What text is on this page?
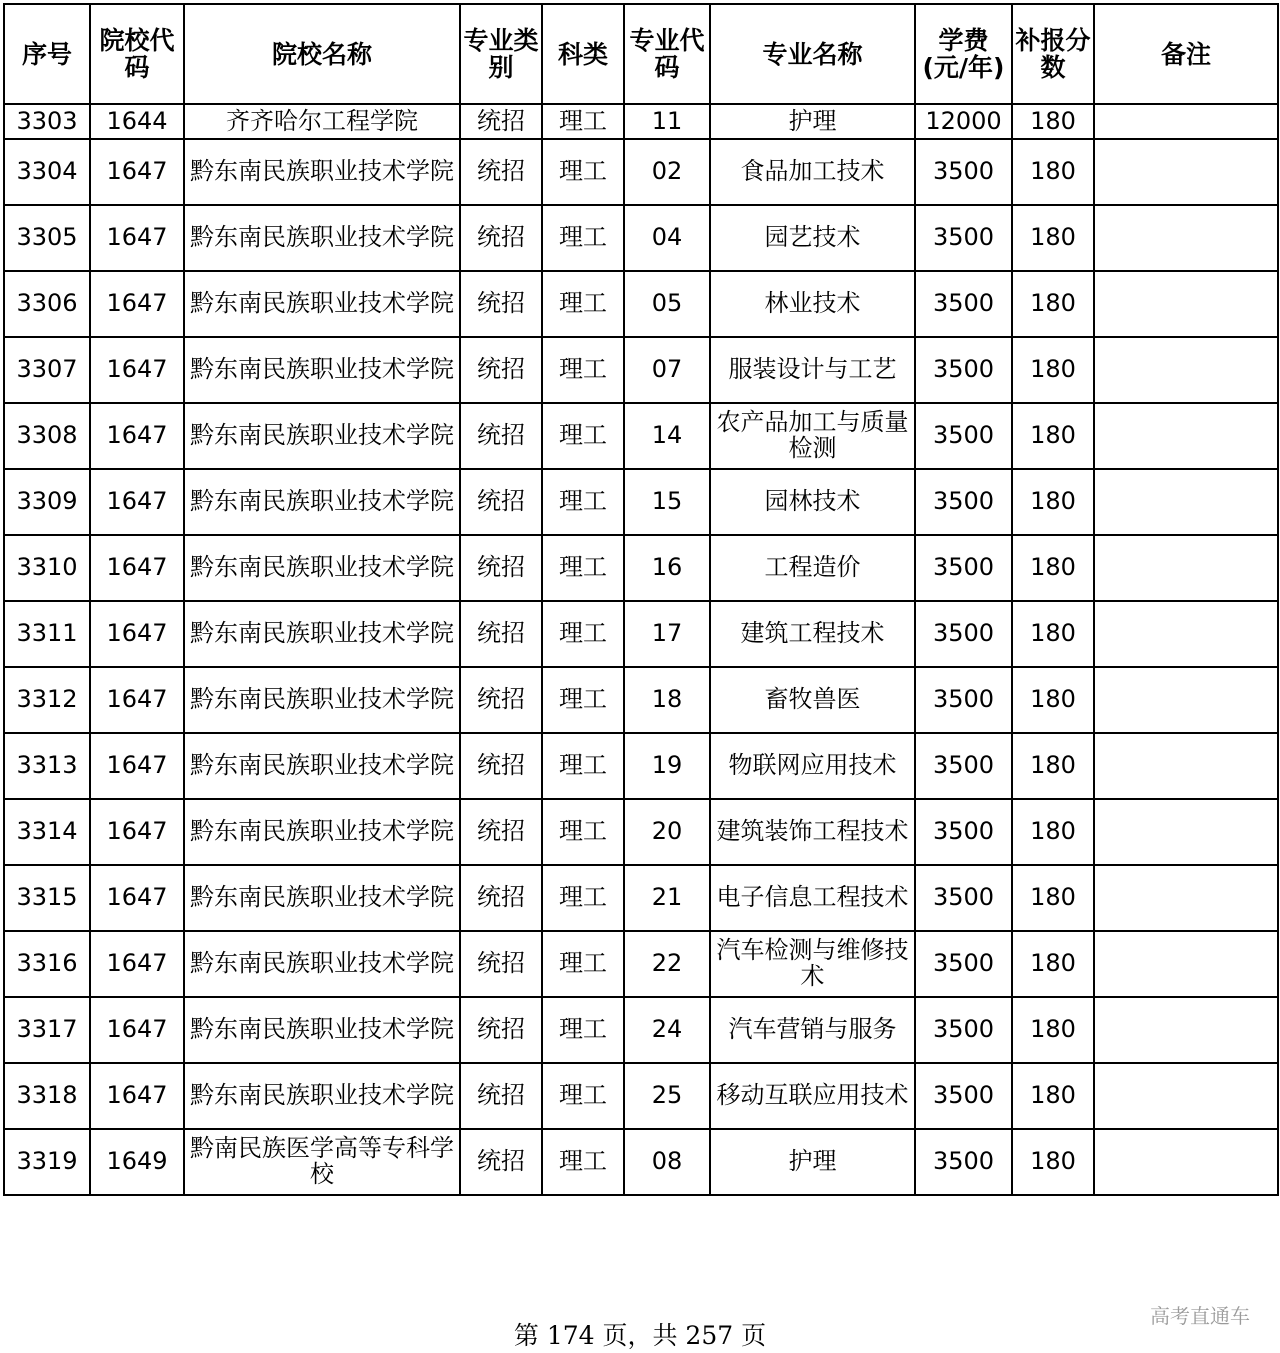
序号	院校代码	院校名称	专业类别	科类	专业代码	专业名称	学费(元/年)	补报分数	备注
3303	1644	齐齐哈尔工程学院	统招	理工	11	护理	12000	180	
3304	1647	黔东南民族职业技术学院	统招	理工	02	食品加工技术	3500	180	
3305	1647	黔东南民族职业技术学院	统招	理工	04	园艺技术	3500	180	
3306	1647	黔东南民族职业技术学院	统招	理工	05	林业技术	3500	180	
3307	1647	黔东南民族职业技术学院	统招	理工	07	服装设计与工艺	3500	180	
3308	1647	黔东南民族职业技术学院	统招	理工	14	农产品加工与质量检测	3500	180	
3309	1647	黔东南民族职业技术学院	统招	理工	15	园林技术	3500	180	
3310	1647	黔东南民族职业技术学院	统招	理工	16	工程造价	3500	180	
3311	1647	黔东南民族职业技术学院	统招	理工	17	建筑工程技术	3500	180	
3312	1647	黔东南民族职业技术学院	统招	理工	18	畜牧兽医	3500	180	
3313	1647	黔东南民族职业技术学院	统招	理工	19	物联网应用技术	3500	180	
3314	1647	黔东南民族职业技术学院	统招	理工	20	建筑装饰工程技术	3500	180	
3315	1647	黔东南民族职业技术学院	统招	理工	21	电子信息工程技术	3500	180	
3316	1647	黔东南民族职业技术学院	统招	理工	22	汽车检测与维修技术	3500	180	
3317	1647	黔东南民族职业技术学院	统招	理工	24	汽车营销与服务	3500	180	
3318	1647	黔东南民族职业技术学院	统招	理工	25	移动互联应用技术	3500	180	
3319	1649	黔南民族医学高等专科学校	统招	理工	08	护理	3500	180	
第 174 页，共 257 页
高考直通车
